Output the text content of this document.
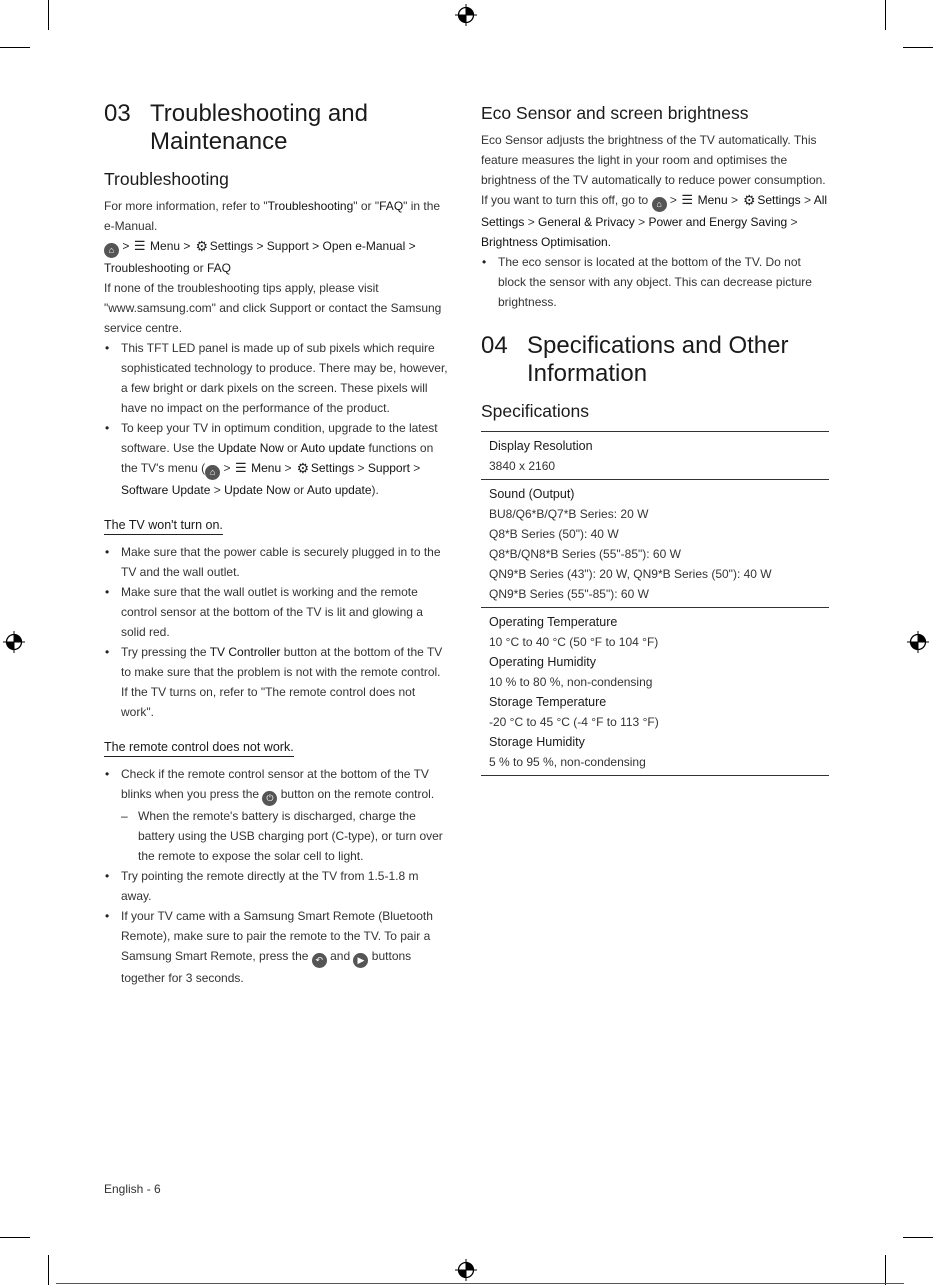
03 Troubleshooting and
Maintenance
Troubleshooting

For more information, refer to "Troubleshooting" or "FAQ" in the e-Manual.

⌂ > ☰ Menu > ⚙ Settings > Support > Open e-Manual > Troubleshooting or FAQ

If none of the troubleshooting tips apply, please visit "www.samsung.com" and click Support or contact the Samsung service centre.

• This TFT LED panel is made up of sub pixels which require sophisticated technology to produce. There may be, however, a few bright or dark pixels on the screen. These pixels will have no impact on the performance of the product.
• To keep your TV in optimum condition, upgrade to the latest software. Use the Update Now or Auto update functions on the TV's menu ( ⌂ > ☰ Menu > ⚙ Settings > Support > Software Update > Update Now or Auto update).
The TV won't turn on.
• Make sure that the power cable is securely plugged in to the TV and the wall outlet.
• Make sure that the wall outlet is working and the remote control sensor at the bottom of the TV is lit and glowing a solid red.
• Try pressing the TV Controller button at the bottom of the TV to make sure that the problem is not with the remote control. If the TV turns on, refer to "The remote control does not work".
The remote control does not work.
• Check if the remote control sensor at the bottom of the TV blinks when you press the ⏻ button on the remote control.
– When the remote's battery is discharged, charge the battery using the USB charging port (C-type), or turn over the remote to expose the solar cell to light.
• Try pointing the remote directly at the TV from 1.5-1.8 m away.
• If your TV came with a Samsung Smart Remote (Bluetooth Remote), make sure to pair the remote to the TV. To pair a Samsung Smart Remote, press the ↶ and ▶ buttons together for 3 seconds.
Eco Sensor and screen brightness

Eco Sensor adjusts the brightness of the TV automatically. This feature measures the light in your room and optimises the brightness of the TV automatically to reduce power consumption. If you want to turn this off, go to ⌂ > ☰ Menu > ⚙ Settings > All Settings > General & Privacy > Power and Energy Saving > Brightness Optimisation.

• The eco sensor is located at the bottom of the TV. Do not block the sensor with any object. This can decrease picture brightness.
04 Specifications and Other
Information
Specifications
Display Resolution
3840 x 2160
Sound (Output)
BU8/Q6*B/Q7*B Series: 20 W
Q8*B Series (50"): 40 W
Q8*B/QN8*B Series (55"-85"): 60 W
QN9*B Series (43"): 20 W, QN9*B Series (50"): 40 W
QN9*B Series (55"-85"): 60 W
Operating Temperature
10 °C to 40 °C (50 °F to 104 °F)
Operating Humidity
10 % to 80 %, non-condensing
Storage Temperature
-20 °C to 45 °C (-4 °F to 113 °F)
Storage Humidity
5 % to 95 %, non-condensing
English - 6
